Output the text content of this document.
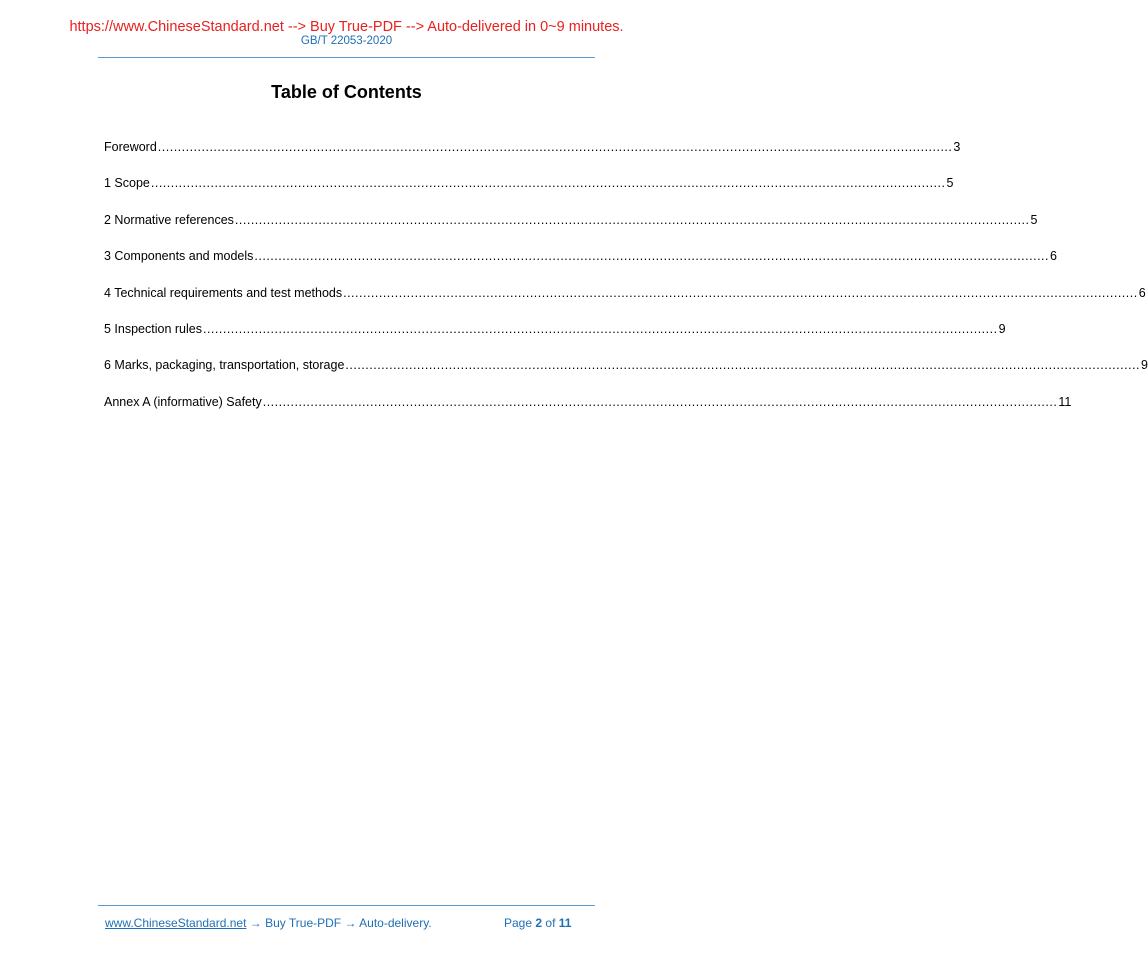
https://www.ChineseStandard.net --> Buy True-PDF --> Auto-delivered in 0~9 minutes.
GB/T 22053-2020
Table of Contents
Foreword ........................................................................................................................................................................................................ 3
1 Scope ........................................................................................................................................................................................................ 5
2 Normative references ........................................................................................................................................................................................................ 5
3 Components and models ........................................................................................................................................................................................................ 6
4 Technical requirements and test methods ........................................................................................................................................................................................................ 6
5 Inspection rules ........................................................................................................................................................................................................ 9
6 Marks, packaging, transportation, storage ........................................................................................................................................................................................................ 9
Annex A (informative) Safety ........................................................................................................................................................................................................ 11
www.ChineseStandard.net → Buy True-PDF → Auto-delivery.	Page 2 of 11
